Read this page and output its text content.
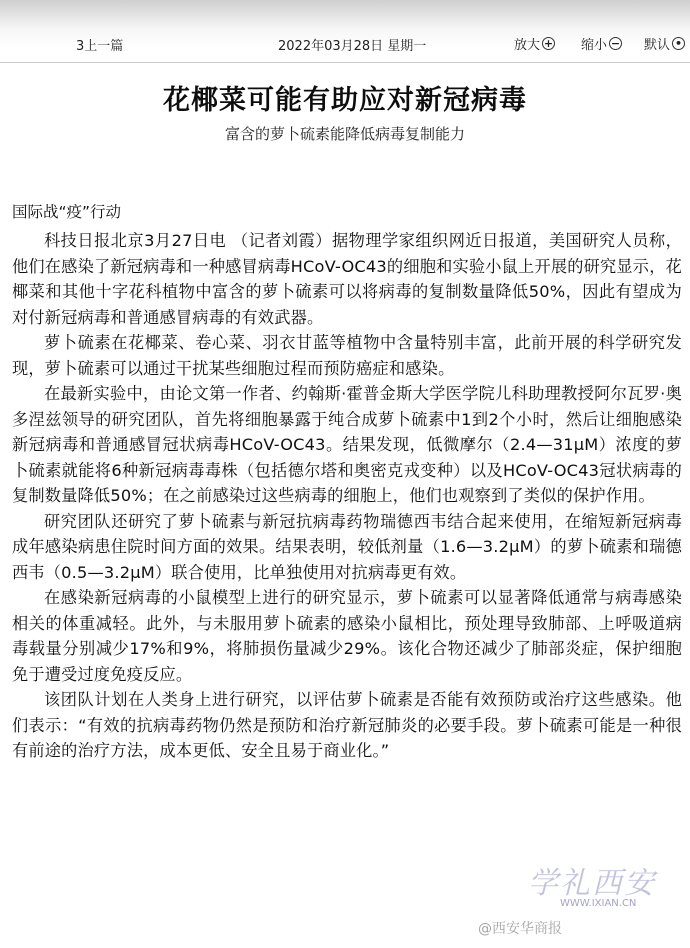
3上一篇	2022年03月28日 星期一	放大 + 缩小 − 默认 •
花椰菜可能有助应对新冠病毒
富含的萝卜硫素能降低病毒复制能力
国际战“疫”行动

科技日报北京3月27日电 （记者刘霞）据物理学家组织网近日报道，美国研究人员称，他们在感染了新冠病毒和一种感冒病毒HCoV-OC43的细胞和实验小鼠上开展的研究显示，花椰菜和其他十字花科植物中富含的萝卜硫素可以将病毒的复制数量降低50%，因此有望成为对付新冠病毒和普通感冒病毒的有效武器。

萝卜硫素在花椰菜、卷心菜、羽衣甘蓝等植物中含量特别丰富，此前开展的科学研究发现，萝卜硫素可以通过干扰某些细胞过程而预防癌症和感染。

在最新实验中，由论文第一作者、约翰斯·霍普金斯大学医学院儿科助理教授阿尔瓦罗·奥多涅兹领导的研究团队，首先将细胞暴露于纯合成萝卜硫素中1到2个小时，然后让细胞感染新冠病毒和普通感冒冠状病毒HCoV-OC43。结果发现，低微摩尔（2.4—31μM）浓度的萝卜硫素就能将6种新冠病毒毒株（包括德尔塔和奥密克戎变种）以及HCoV-OC43冠状病毒的复制数量降低50%；在之前感染过这些病毒的细胞上，他们也观察到了类似的保护作用。

研究团队还研究了萝卜硫素与新冠抗病毒药物瑞德西韦结合起来使用，在缩短新冠病毒成年感染病患住院时间方面的效果。结果表明，较低剂量（1.6—3.2μM）的萝卜硫素和瑞德西韦（0.5—3.2μM）联合使用，比单独使用对抗病毒更有效。

在感染新冠病毒的小鼠模型上进行的研究显示，萝卜硫素可以显著降低通常与病毒感染相关的体重减轻。此外，与未服用萝卜硫素的感染小鼠相比，预处理导致肺部、上呼吸道病毒载量分别减少17%和9%，将肺损伤量减少29%。该化合物还减少了肺部炎症，保护细胞免于遭受过度免疫反应。

该团队计划在人类身上进行研究，以评估萝卜硫素是否能有效预防或治疗这些感染。他们表示：“有效的抗病毒药物仍然是预防和治疗新冠肺炎的必要手段。萝卜硫素可能是一种很有前途的治疗方法，成本更低、安全且易于商业化。”

学礼西安
WWW.IXIAN.CN
@西安华商报
